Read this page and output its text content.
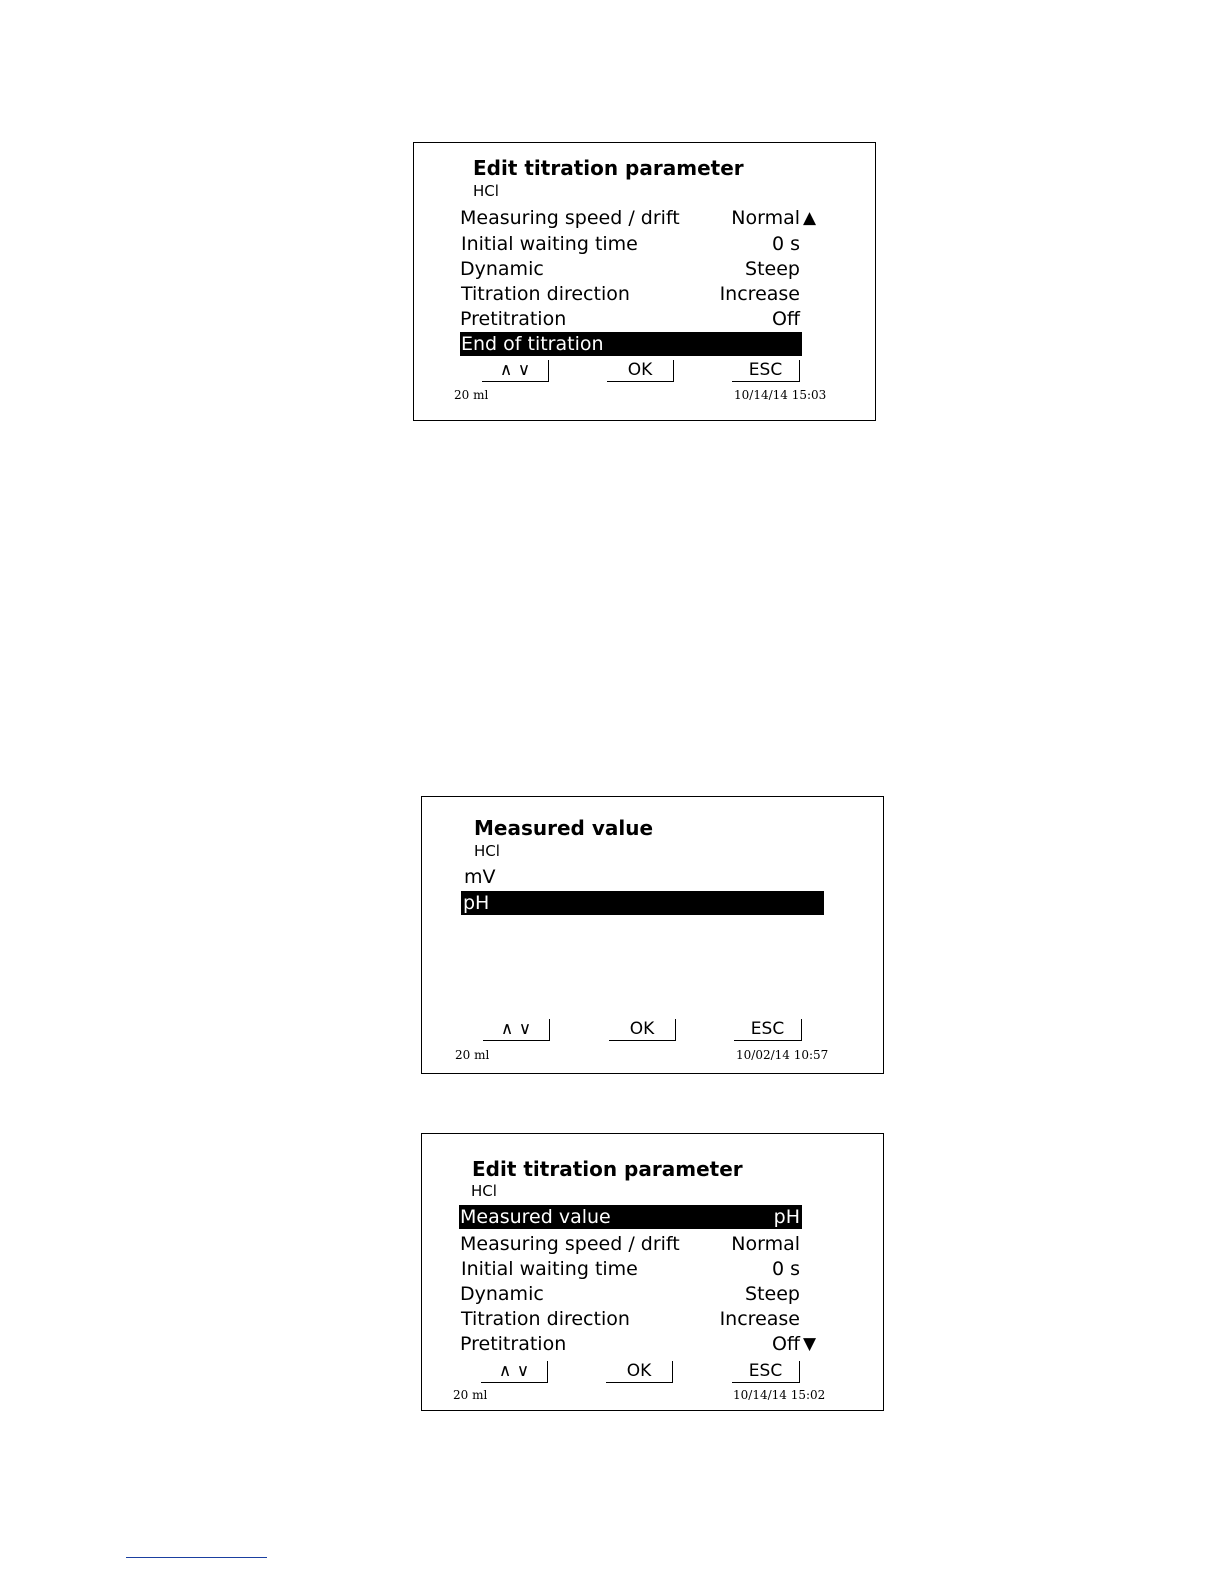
Edit titration parameter
HCl
Measuring speed / drift	Normal ▲
Initial waiting time	0 s
Dynamic	Steep
Titration direction	Increase
Pretitration	Off
End of titration
∧ ∨	OK	ESC
20 ml	10/14/14 15:03
Measured value
HCl
mV
pH
∧ ∨	OK	ESC
20 ml	10/02/14 10:57
Edit titration parameter
HCl
Measured value	pH
Measuring speed / drift	Normal
Initial waiting time	0 s
Dynamic	Steep
Titration direction	Increase
Pretitration	Off ▼
∧ ∨	OK	ESC
20 ml	10/14/14 15:02
